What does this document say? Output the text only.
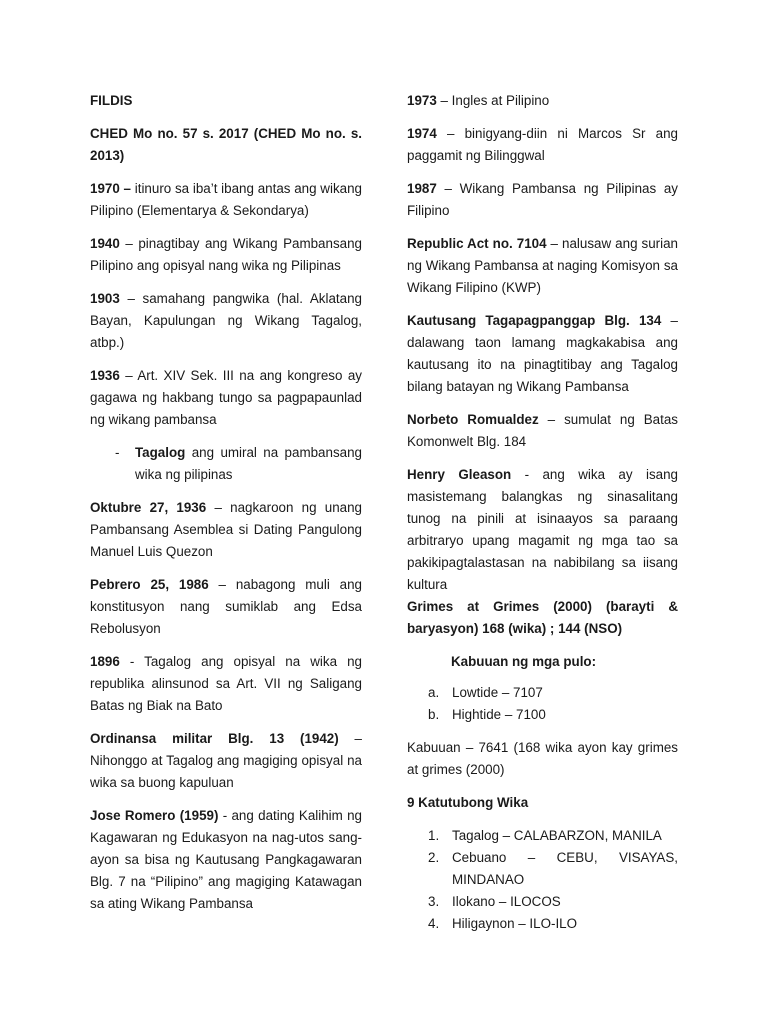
FILDIS

CHED Mo no. 57 s. 2017 (CHED Mo no. s. 2013)

1970 – itinuro sa iba’t ibang antas ang wikang Pilipino (Elementarya & Sekondarya)

1940 – pinagtibay ang Wikang Pambansang Pilipino ang opisyal nang wika ng Pilipinas

1903 – samahang pangwika (hal. Aklatang Bayan, Kapulungan ng Wikang Tagalog, atbp.)

1936 – Art. XIV Sek. III na ang kongreso ay gagawa ng hakbang tungo sa pagpapaunlad ng wikang pambansa

- Tagalog ang umiral na pambansang wika ng pilipinas

Oktubre 27, 1936 – nagkaroon ng unang Pambansang Asemblea si Dating Pangulong Manuel Luis Quezon

Pebrero 25, 1986 – nabagong muli ang konstitusyon nang sumiklab ang Edsa Rebolusyon

1896 - Tagalog ang opisyal na wika ng republika alinsunod sa Art. VII ng Saligang Batas ng Biak na Bato

Ordinansa militar Blg. 13 (1942) – Nihonggo at Tagalog ang magiging opisyal na wika sa buong kapuluan

Jose Romero (1959) - ang dating Kalihim ng Kagawaran ng Edukasyon na nag-utos sang-ayon sa bisa ng Kautusang Pangkagawaran Blg. 7 na “Pilipino” ang magiging Katawagan sa ating Wikang Pambansa

1973 – Ingles at Pilipino

1974 – binigyang-diin ni Marcos Sr ang paggamit ng Bilinggwal

1987 – Wikang Pambansa ng Pilipinas ay Filipino

Republic Act no. 7104 – nalusaw ang surian ng Wikang Pambansa at naging Komisyon sa Wikang Filipino (KWP)

Kautusang Tagapagpanggap Blg. 134 – dalawang taon lamang magkakabisa ang kautusang ito na pinagtitibay ang Tagalog bilang batayan ng Wikang Pambansa

Norbeto Romualdez – sumulat ng Batas Komonwelt Blg. 184

Henry Gleason - ang wika ay isang masistemang balangkas ng sinasalitang tunog na pinili at isinaayos sa paraang arbitraryo upang magamit ng mga tao sa pakikipagtalastasan na nabibilang sa iisang kultura

Grimes at Grimes (2000) (barayti & baryasyon) 168 (wika) ; 144 (NSO)

Kabuuan ng mga pulo:
a. Lowtide – 7107
b. Hightide – 7100

Kabuuan – 7641 (168 wika ayon kay grimes at grimes (2000)

9 Katutubong Wika

1. Tagalog – CALABARZON, MANILA
2. Cebuano – CEBU, VISAYAS, MINDANAO
3. Ilokano – ILOCOS
4. Hiligaynon – ILO-ILO
